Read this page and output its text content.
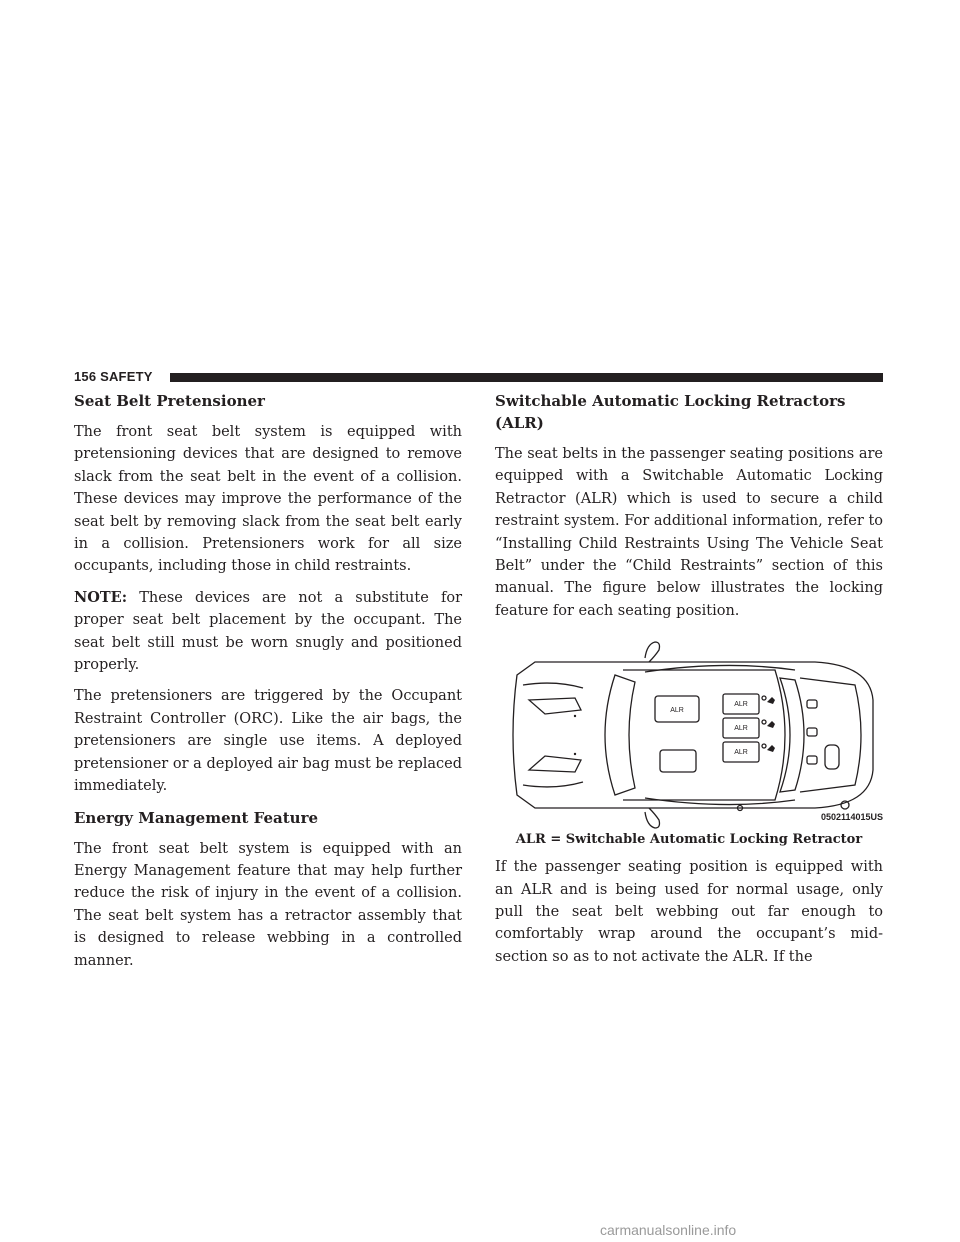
156 SAFETY
Seat Belt Pretensioner

The front seat belt system is equipped with pretensioning devices that are designed to remove slack from the seat belt in the event of a collision. These devices may improve the performance of the seat belt by removing slack from the seat belt early in a collision. Pretensioners work for all size occupants, including those in child restraints.

NOTE: These devices are not a substitute for proper seat belt placement by the occupant. The seat belt still must be worn snugly and positioned properly.

The pretensioners are triggered by the Occupant Restraint Controller (ORC). Like the air bags, the pretensioners are single use items. A deployed pretensioner or a deployed air bag must be replaced immediately.

Energy Management Feature

The front seat belt system is equipped with an Energy Management feature that may help further reduce the risk of injury in the event of a collision. The seat belt system has a retractor assembly that is designed to release webbing in a controlled manner.

Switchable Automatic Locking Retractors (ALR)

The seat belts in the passenger seating positions are equipped with a Switchable Automatic Locking Retractor (ALR) which is used to secure a child restraint system. For additional information, refer to “Installing Child Restraints Using The Vehicle Seat Belt” under the “Child Restraints” section of this manual. The figure below illustrates the locking feature for each seating position.

ALR
ALR
ALR
ALR
0502114015US

ALR = Switchable Automatic Locking Retractor

If the passenger seating position is equipped with an ALR and is being used for normal usage, only pull the seat belt webbing out far enough to comfortably wrap around the occupant’s mid-section so as to not activate the ALR. If the

carmanualsonline.info
